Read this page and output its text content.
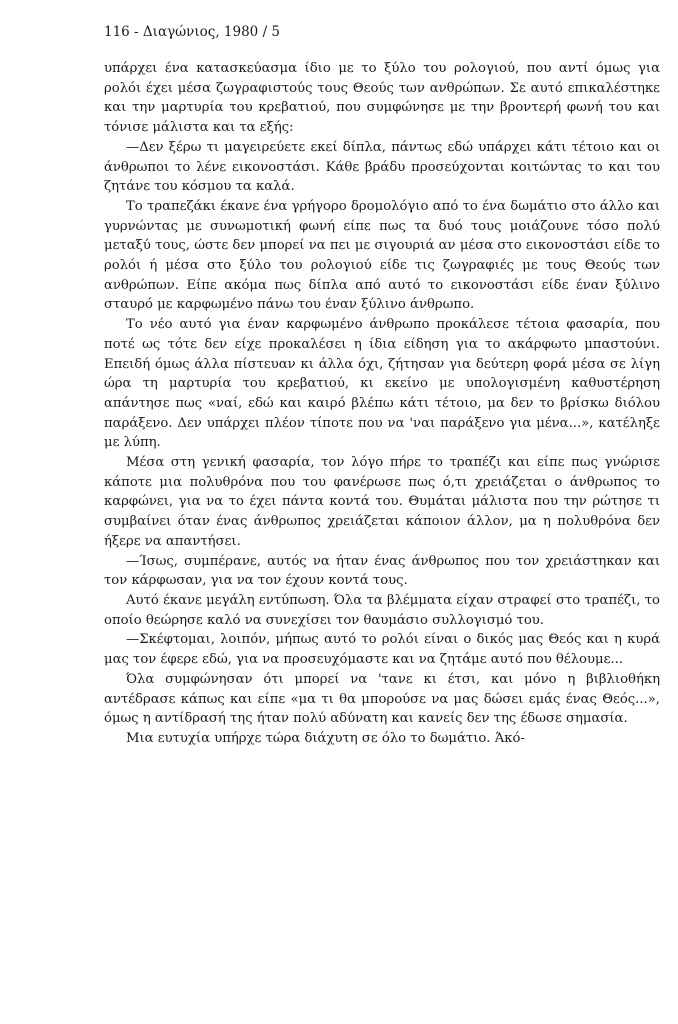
116 - Διαγώνιος, 1980 / 5

υπάρχει ένα κατασκεύασμα ίδιο με το ξύλο του ρολογιού, που αντί όμως για ρολόι έχει μέσα ζωγραφιστούς τους Θεούς των ανθρώπων. Σε αυτό επικαλέστηκε και την μαρτυρία του κρεβατιού, που συμφώνησε με την βροντερή φωνή του και τόνισε μάλιστα και τα εξής:

—Δεν ξέρω τι μαγειρεύετε εκεί δίπλα, πάντως εδώ υπάρχει κάτι τέτοιο και οι άνθρωποι το λένε εικονοστάσι. Κάθε βράδυ προσεύχονται κοιτώντας το και του ζητάνε του κόσμου τα καλά.

Το τραπεζάκι έκανε ένα γρήγορο δρομολόγιο από το ένα δωμάτιο στο άλλο και γυρνώντας με συνωμοτική φωνή είπε πως τα δυό τους μοιάζουνε τόσο πολύ μεταξύ τους, ώστε δεν μπορεί να πει με σιγουριά αν μέσα στο εικονοστάσι είδε το ρολόι ή μέσα στο ξύλο του ρολογιού είδε τις ζωγραφιές με τους Θεούς των ανθρώπων. Είπε ακόμα πως δίπλα από αυτό το εικονοστάσι είδε έναν ξύλινο σταυρό με καρφωμένο πάνω του έναν ξύλινο άνθρωπο.

Το νέο αυτό για έναν καρφωμένο άνθρωπο προκάλεσε τέτοια φασαρία, που ποτέ ως τότε δεν είχε προκαλέσει η ίδια είδηση για το ακάρφωτο μπαστούνι. Επειδή όμως άλλα πίστευαν κι άλλα όχι, ζήτησαν για δεύτερη φορά μέσα σε λίγη ώρα τη μαρτυρία του κρεβατιού, κι εκείνο με υπολογισμένη καθυστέρηση απάντησε πως «ναί, εδώ και καιρό βλέπω κάτι τέτοιο, μα δεν το βρίσκω διόλου παράξενο. Δεν υπάρχει πλέον τίποτε που να 'ναι παράξενο για μένα...», κατέληξε με λύπη.

Μέσα στη γενική φασαρία, τον λόγο πήρε το τραπέζι και είπε πως γνώρισε κάποτε μια πολυθρόνα που του φανέρωσε πως ό,τι χρειάζεται ο άνθρωπος το καρφώνει, για να το έχει πάντα κοντά του. Θυμάται μάλιστα που την ρώτησε τι συμβαίνει όταν ένας άνθρωπος χρειάζεται κάποιον άλλον, μα η πολυθρόνα δεν ήξερε να απαντήσει.

—Ίσως, συμπέρανε, αυτός να ήταν ένας άνθρωπος που τον χρειάστηκαν και τον κάρφωσαν, για να τον έχουν κοντά τους.

Αυτό έκανε μεγάλη εντύπωση. Όλα τα βλέμματα είχαν στραφεί στο τραπέζι, το οποίο θεώρησε καλό να συνεχίσει τον θαυμάσιο συλλογισμό του.

—Σκέφτομαι, λοιπόν, μήπως αυτό το ρολόι είναι ο δικός μας Θεός και η κυρά μας τον έφερε εδώ, για να προσευχόμαστε και να ζητάμε αυτό που θέλουμε...

Όλα συμφώνησαν ότι μπορεί να 'τανε κι έτσι, και μόνο η βιβλιοθήκη αντέδρασε κάπως και είπε «μα τι θα μπορούσε να μας δώσει εμάς ένας Θεός...», όμως η αντίδρασή της ήταν πολύ αδύνατη και κανείς δεν της έδωσε σημασία.

Μια ευτυχία υπήρχε τώρα διάχυτη σε όλο το δωμάτιο. Άκό-
